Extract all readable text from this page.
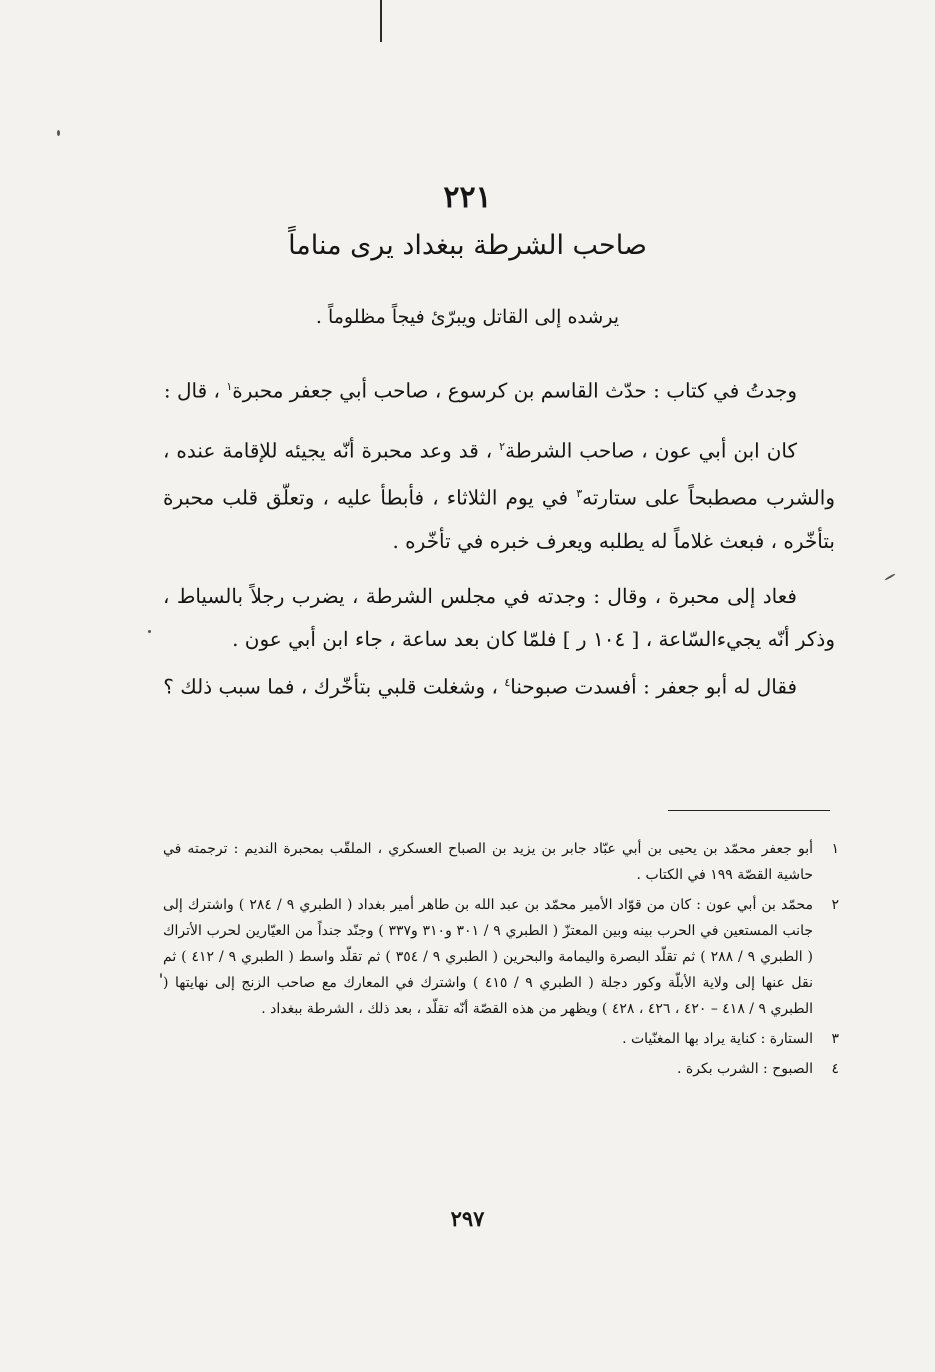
٢٢١
صاحب الشرطة ببغداد يرى مناماً
يرشده إلى القاتل ويبرّئ فيجاً مظلوماً .

وجدتُ في كتاب : حدّث القاسم بن كرسوع ، صاحب أبي جعفر محبرة$^١$ ، قال :

كان ابن أبي عون ، صاحب الشرطة$^٢$ ، قد وعد محبرة أنّه يجيئه للإقامة عنده ، والشرب مصطبحاً على ستارته$^٣$ في يوم الثلاثاء ، فأبطأ عليه ، وتعلّق قلب محبرة بتأخّره ، فبعث غلاماً له يطلبه ويعرف خبره في تأخّره .

فعاد إلى محبرة ، وقال : وجدته في مجلس الشرطة ، يضرب رجلاً بالسياط ، وذكر أنّه يجيءالسّاعة ، [ ١٠٤ ر ] فلمّا كان بعد ساعة ، جاء ابن أبي عون .

فقال له أبو جعفر : أفسدت صبوحنا$^٤$ ، وشغلت قلبي بتأخّرك ، فما سبب ذلك ؟

١
أبو جعفر محمّد بن يحيى بن أبي عبّاد جابر بن يزيد بن الصباح العسكري ، الملقّب بمحبرة النديم : ترجمته في حاشية القصّة ١٩٩ في الكتاب .
٢
محمّد بن أبي عون : كان من قوّاد الأمير محمّد بن عبد الله بن طاهر أمير بغداد ( الطبري ٩ / ٢٨٤ ) واشترك إلى جانب المستعين في الحرب بينه وبين المعتزّ ( الطبري ٩ / ٣٠١ و٣١٠ و٣٣٧ ) وجنّد جنداً من العيّارين لحرب الأتراك ( الطبري ٩ / ٢٨٨ ) ثم تقلّد البصرة واليمامة والبحرين ( الطبري ٩ / ٣٥٤ ) ثم تقلّد واسط ( الطبري ٩ / ٤١٢ ) ثم نقل عنها إلى ولاية الأبلّة وكور دجلة ( الطبري ٩ / ٤١٥ ) واشترك في المعارك مع صاحب الزنج إلى نهايتها ( الطبري ٩ / ٤١٨ – ٤٢٠ ، ٤٢٦ ، ٤٢٨ ) ويظهر من هذه القصّة أنّه تقلّد ، بعد ذلك ، الشرطة ببغداد .
٣
الستارة : كناية يراد بها المغنّيات .
٤
الصبوح : الشرب بكرة .
٢٩٧
